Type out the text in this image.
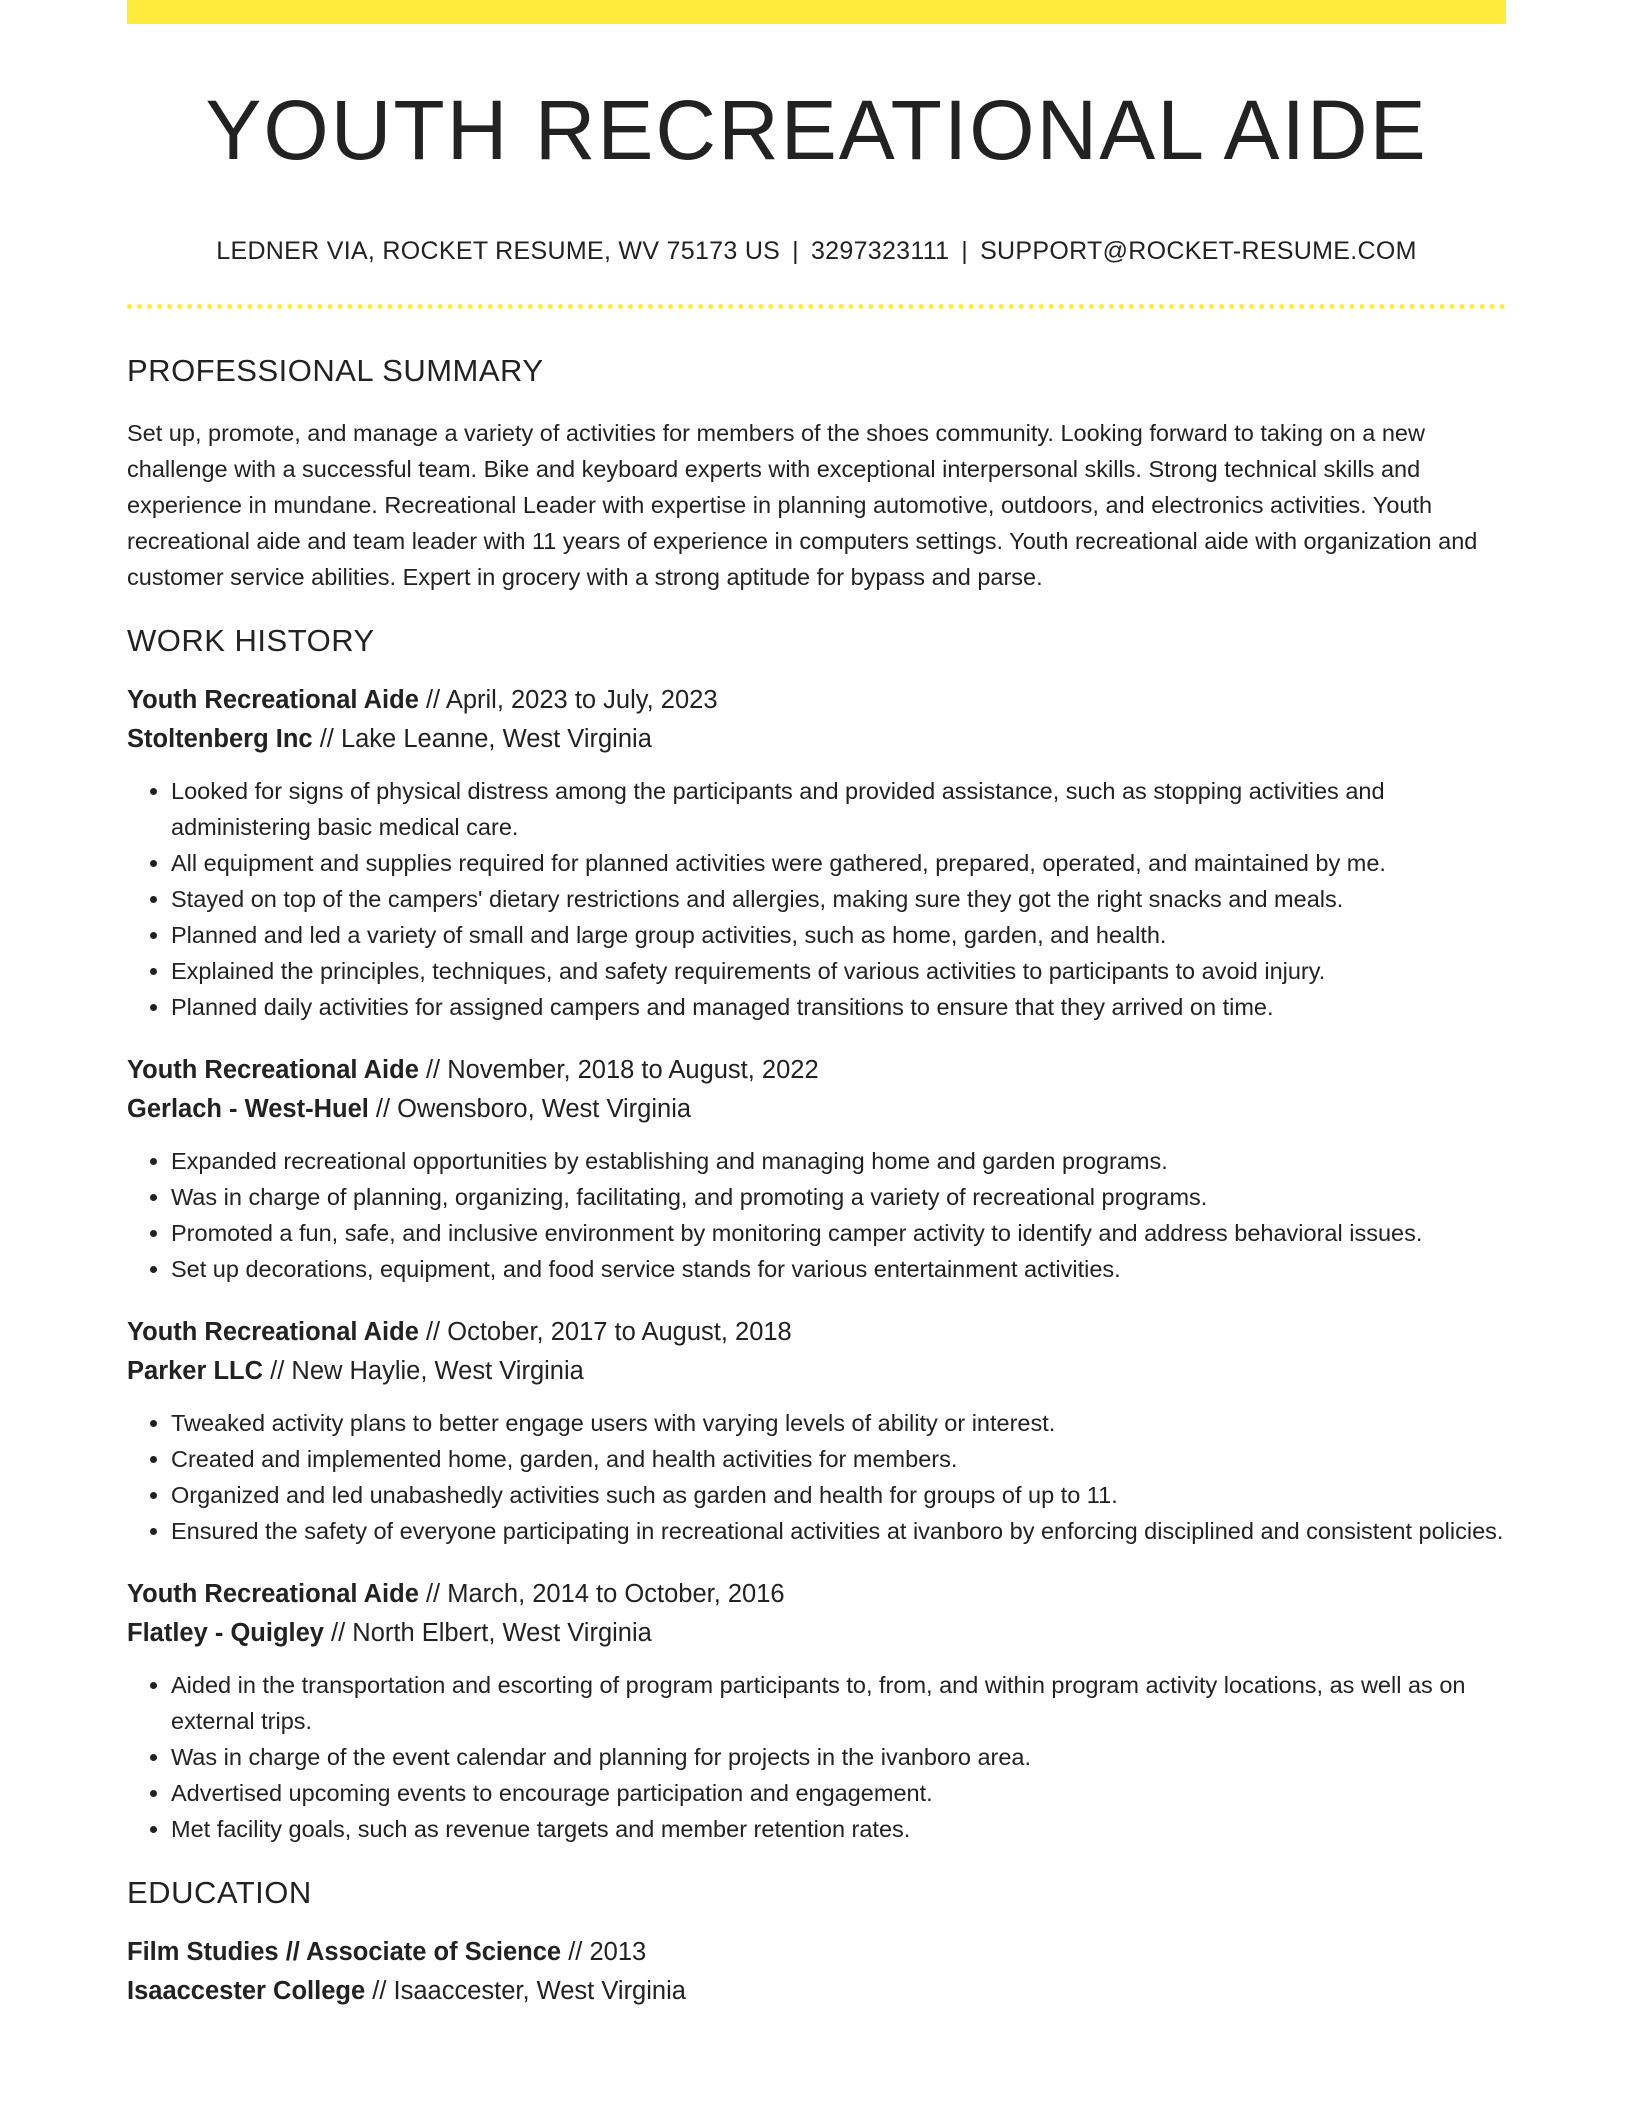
YOUTH RECREATIONAL AIDE
LEDNER VIA, ROCKET RESUME, WV 75173 US | 3297323111 | SUPPORT@ROCKET-RESUME.COM
PROFESSIONAL SUMMARY

Set up, promote, and manage a variety of activities for members of the shoes community. Looking forward to taking on a new challenge with a successful team. Bike and keyboard experts with exceptional interpersonal skills. Strong technical skills and experience in mundane. Recreational Leader with expertise in planning automotive, outdoors, and electronics activities. Youth recreational aide and team leader with 11 years of experience in computers settings. Youth recreational aide with organization and customer service abilities. Expert in grocery with a strong aptitude for bypass and parse.

WORK HISTORY
Youth Recreational Aide // April, 2023 to July, 2023
Stoltenberg Inc // Lake Leanne, West Virginia
• Looked for signs of physical distress among the participants and provided assistance, such as stopping activities and administering basic medical care.
• All equipment and supplies required for planned activities were gathered, prepared, operated, and maintained by me.
• Stayed on top of the campers' dietary restrictions and allergies, making sure they got the right snacks and meals.
• Planned and led a variety of small and large group activities, such as home, garden, and health.
• Explained the principles, techniques, and safety requirements of various activities to participants to avoid injury.
• Planned daily activities for assigned campers and managed transitions to ensure that they arrived on time.
Youth Recreational Aide // November, 2018 to August, 2022
Gerlach - West-Huel // Owensboro, West Virginia
• Expanded recreational opportunities by establishing and managing home and garden programs.
• Was in charge of planning, organizing, facilitating, and promoting a variety of recreational programs.
• Promoted a fun, safe, and inclusive environment by monitoring camper activity to identify and address behavioral issues.
• Set up decorations, equipment, and food service stands for various entertainment activities.
Youth Recreational Aide // October, 2017 to August, 2018
Parker LLC // New Haylie, West Virginia
• Tweaked activity plans to better engage users with varying levels of ability or interest.
• Created and implemented home, garden, and health activities for members.
• Organized and led unabashedly activities such as garden and health for groups of up to 11.
• Ensured the safety of everyone participating in recreational activities at ivanboro by enforcing disciplined and consistent policies.
Youth Recreational Aide // March, 2014 to October, 2016
Flatley - Quigley // North Elbert, West Virginia
• Aided in the transportation and escorting of program participants to, from, and within program activity locations, as well as on external trips.
• Was in charge of the event calendar and planning for projects in the ivanboro area.
• Advertised upcoming events to encourage participation and engagement.
• Met facility goals, such as revenue targets and member retention rates.
EDUCATION
Film Studies // Associate of Science // 2013
Isaaccester College // Isaaccester, West Virginia
